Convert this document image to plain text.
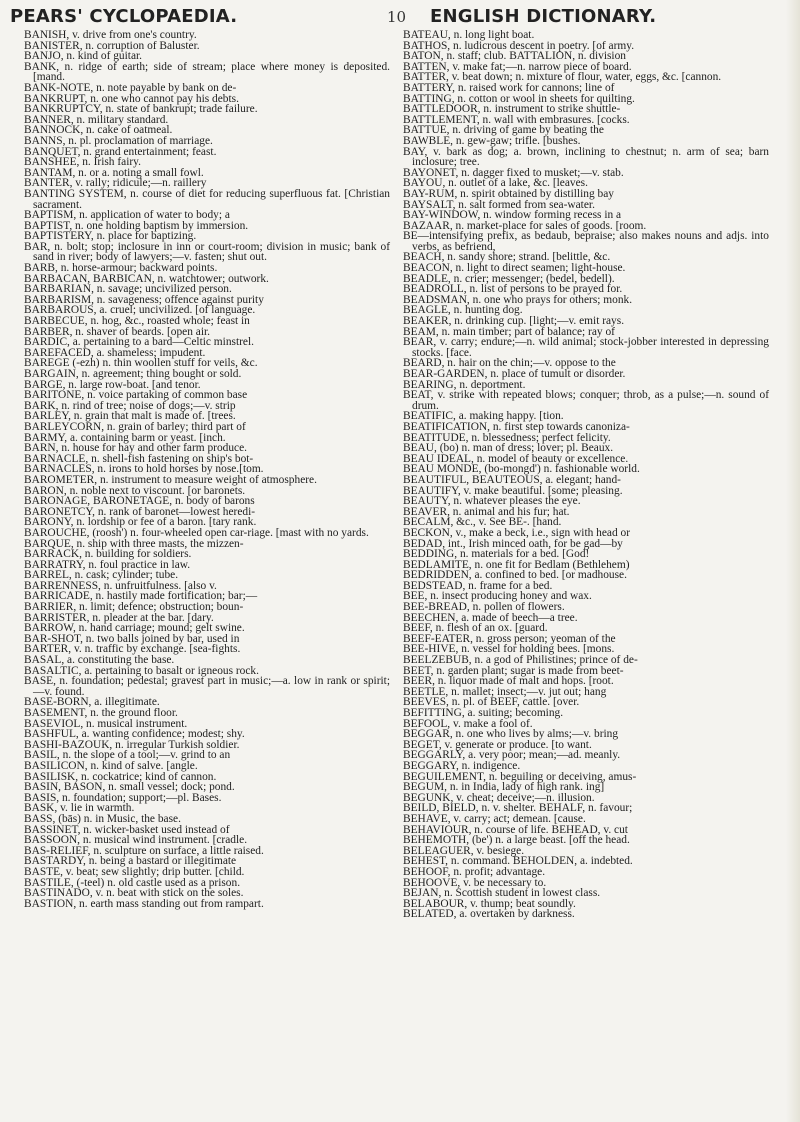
PEARS' CYCLOPAEDIA.	10 ENGLISH DICTIONARY.

BANISH, v. drive from one's country.

BANISTER, n. corruption of Baluster.

BANJO, n. kind of guitar.

BANK, n. ridge of earth; side of stream; place where money is deposited. [mand.

BANK-NOTE, n. note payable by bank on de-

BANKRUPT, n. one who cannot pay his debts.

BANKRUPTCY, n. state of bankrupt; trade failure.

BANNER, n. military standard.

BANNOCK, n. cake of oatmeal.

BANNS, n. pl. proclamation of marriage.

BANQUET, n. grand entertainment; feast.

BANSHEE, n. Irish fairy.

BANTAM, n. or a. noting a small fowl.

BANTER, v. rally; ridicule;—n. raillery

BANTING SYSTEM, n. course of diet for reducing superfluous fat. [Christian sacrament.

BAPTISM, n. application of water to body; a

BAPTIST, n. one holding baptism by immersion.

BAPTISTERY, n. place for baptizing.

BAR, n. bolt; stop; inclosure in inn or court-room; division in music; bank of sand in river; body of lawyers;—v. fasten; shut out.

BARB, n. horse-armour; backward points.

BARBACAN, BARBICAN, n. watchtower; outwork.

BARBARIAN, n. savage; uncivilized person.

BARBARISM, n. savageness; offence against purity

BARBAROUS, a. cruel; uncivilized. [of language.

BARBECUE, n. hog, &c., roasted whole; feast in

BARBER, n. shaver of beards. [open air.

BARDIC, a. pertaining to a bard—Celtic minstrel.

BAREFACED, a. shameless; impudent.

BAREGE (-ezh) n. thin woollen stuff for veils, &c.

BARGAIN, n. agreement; thing bought or sold.

BARGE, n. large row-boat. [and tenor.

BARITONE, n. voice partaking of common base

BARK, n. rind of tree; noise of dogs;—v. strip

BARLEY, n. grain that malt is made of. [trees.

BARLEYCORN, n. grain of barley; third part of

BARMY, a. containing barm or yeast. [inch.

BARN, n. house for hay and other farm produce.

BARNACLE, n. shell-fish fastening on ship's bot-

BARNACLES, n. irons to hold horses by nose.[tom.

BAROMETER, n. instrument to measure weight of atmosphere.

BARON, n. noble next to viscount. [or baronets.

BARONAGE, BARONETAGE, n. body of barons

BARONETCY, n. rank of baronet—lowest heredi-

BARONY, n. lordship or fee of a baron. [tary rank.

BAROUCHE, (roosh') n. four-wheeled open car-riage. [mast with no yards.

BARQUE, n. ship with three masts, the mizzen-

BARRACK, n. building for soldiers.

BARRATRY, n. foul practice in law.

BARREL, n. cask; cylinder; tube.

BARRENNESS, n. unfruitfulness. [also v.

BARRICADE, n. hastily made fortification; bar;—

BARRIER, n. limit; defence; obstruction; boun-

BARRISTER, n. pleader at the bar. [dary.

BARROW, n. hand carriage; mound; gelt swine.

BAR-SHOT, n. two balls joined by bar, used in

BARTER, v. n. traffic by exchange. [sea-fights.

BASAL, a. constituting the base.

BASALTIC, a. pertaining to basalt or igneous rock.

BASE, n. foundation; pedestal; gravest part in music;—a. low in rank or spirit;—v. found.

BASE-BORN, a. illegitimate.

BASEMENT, n. the ground floor.

BASEVIOL, n. musical instrument.

BASHFUL, a. wanting confidence; modest; shy.

BASHI-BAZOUK, n. irregular Turkish soldier.

BASIL, n. the slope of a tool;—v. grind to an

BASILICON, n. kind of salve. [angle.

BASILISK, n. cockatrice; kind of cannon.

BASIN, BASON, n. small vessel; dock; pond.

BASIS, n. foundation; support;—pl. Bases.

BASK, v. lie in warmth.

BASS, (bās) n. in Music, the base.

BASSINET, n. wicker-basket used instead of

BASSOON, n. musical wind instrument. [cradle.

BAS-RELIEF, n. sculpture on surface, a little raised.

BASTARDY, n. being a bastard or illegitimate

BASTE, v. beat; sew slightly; drip butter. [child.

BASTILE, (-teel) n. old castle used as a prison.

BASTINADO, v. n. beat with stick on the soles.

BASTION, n. earth mass standing out from rampart.

BATEAU, n. long light boat.

BATHOS, n. ludicrous descent in poetry. [of army.

BATON, n. staff; club. BATTALION, n. division

BATTEN, v. make fat;—n. narrow piece of board.

BATTER, v. beat down; n. mixture of flour, water, eggs, &c. [cannon.

BATTERY, n. raised work for cannons; line of

BATTING, n. cotton or wool in sheets for quilting.

BATTLEDOOR, n. instrument to strike shuttle-

BATTLEMENT, n. wall with embrasures. [cocks.

BATTUE, n. driving of game by beating the

BAWBLE, n. gew-gaw; trifle. [bushes.

BAY, v. bark as dog; a. brown, inclining to chestnut; n. arm of sea; barn inclosure; tree.

BAYONET, n. dagger fixed to musket;—v. stab.

BAYOU, n. outlet of a lake, &c. [leaves.

BAY-RUM, n. spirit obtained by distilling bay

BAYSALT, n. salt formed from sea-water.

BAY-WINDOW, n. window forming recess in a

BAZAAR, n. market-place for sales of goods. [room.

BE—intensifying prefix, as bedaub, bepraise; also makes nouns and adjs. into verbs, as befriend,

BEACH, n. sandy shore; strand. [belittle, &c.

BEACON, n. light to direct seamen; light-house.

BEADLE, n. crier; messenger; (bedel, bedell).

BEADROLL, n. list of persons to be prayed for.

BEADSMAN, n. one who prays for others; monk.

BEAGLE, n. hunting dog.

BEAKER, n. drinking cup. [light;—v. emit rays.

BEAM, n. main timber; part of balance; ray of

BEAR, v. carry; endure;—n. wild animal; stock-jobber interested in depressing stocks. [face.

BEARD, n. hair on the chin;—v. oppose to the

BEAR-GARDEN, n. place of tumult or disorder.

BEARING, n. deportment.

BEAT, v. strike with repeated blows; conquer; throb, as a pulse;—n. sound of drum.

BEATIFIC, a. making happy. [tion.

BEATIFICATION, n. first step towards canoniza-

BEATITUDE, n. blessedness; perfect felicity.

BEAU, (bo) n. man of dress; lover; pl. Beaux.

BEAU IDEAL, n. model of beauty or excellence.

BEAU MONDE, (bo-mongd') n. fashionable world.

BEAUTIFUL, BEAUTEOUS, a. elegant; hand-

BEAUTIFY, v. make beautiful. [some; pleasing.

BEAUTY, n. whatever pleases the eye.

BEAVER, n. animal and his fur; hat.

BECALM, &c., v. See BE-. [hand.

BECKON, v., make a beck, i.e., sign with head or

BEDAD, int., Irish minced oath, for be gad—by

BEDDING, n. materials for a bed. [God!

BEDLAMITE, n. one fit for Bedlam (Bethlehem)

BEDRIDDEN, a. confined to bed. [or madhouse.

BEDSTEAD, n. frame for a bed.

BEE, n. insect producing honey and wax.

BEE-BREAD, n. pollen of flowers.

BEECHEN, a. made of beech—a tree.

BEEF, n. flesh of an ox. [guard.

BEEF-EATER, n. gross person; yeoman of the

BEE-HIVE, n. vessel for holding bees. [mons.

BEELZEBUB, n. a god of Philistines; prince of de-

BEET, n. garden plant; sugar is made from beet-

BEER, n. liquor made of malt and hops. [root.

BEETLE, n. mallet; insect;—v. jut out; hang

BEEVES, n. pl. of BEEF, cattle. [over.

BEFITTING, a. suiting; becoming.

BEFOOL, v. make a fool of.

BEGGAR, n. one who lives by alms;—v. bring

BEGET, v. generate or produce. [to want.

BEGGARLY, a. very poor; mean;—ad. meanly.

BEGGARY, n. indigence.

BEGUILEMENT, n. beguiling or deceiving, amus-

BEGUM, n. in India, lady of high rank. ing]

BEGUNK, v. cheat; deceive;—n. illusion.

BEILD, BIELD, n. v. shelter. BEHALF, n. favour;

BEHAVE, v. carry; act; demean. [cause.

BEHAVIOUR, n. course of life. BEHEAD, v. cut

BEHEMOTH, (be') n. a large beast. [off the head.

BELEAGUER, v. besiege.

BEHEST, n. command. BEHOLDEN, a. indebted.

BEHOOF, n. profit; advantage.

BEHOOVE, v. be necessary to.

BEJAN, n. Scottish student in lowest class.

BELABOUR, v. thump; beat soundly.

BELATED, a. overtaken by darkness.
